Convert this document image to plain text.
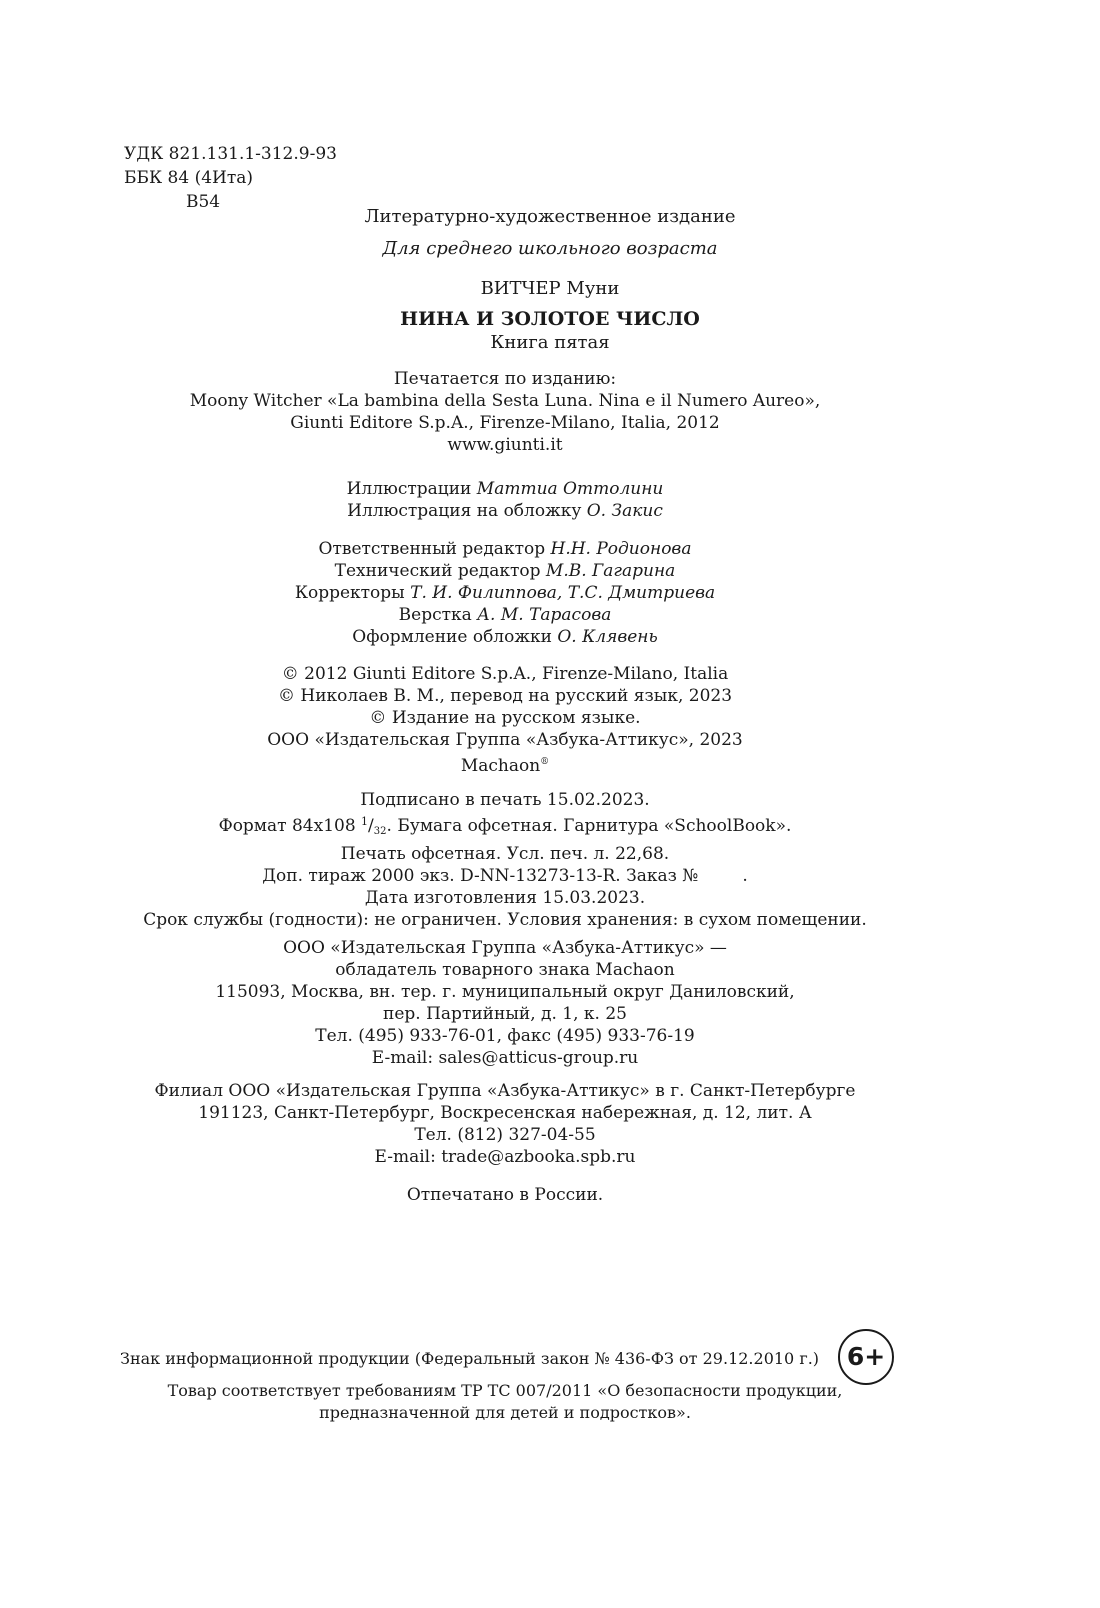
УДК 821.131.1-312.9-93
ББК 84 (4Ита)
В54
Литературно-художественное издание
Для среднего школьного возраста
ВИТЧЕР Муни
НИНА И ЗОЛОТОЕ ЧИСЛО
Книга пятая
Печатается по изданию:
Moony Witcher «La bambina della Sesta Luna. Nina e il Numero Aureo»,
Giunti Editore S.p.A., Firenze-Milano, Italia, 2012
www.giunti.it
Иллюстрации Маттиа Оттолини
Иллюстрация на обложку О. Закис
Ответственный редактор Н.Н. Родионова
Технический редактор М.В. Гагарина
Корректоры Т. И. Филиппова, Т.С. Дмитриева
Верстка А. М. Тарасова
Оформление обложки О. Клявень
© 2012 Giunti Editore S.p.A., Firenze-Milano, Italia
© Николаев В. М., перевод на русский язык, 2023
© Издание на русском языке.
ООО «Издательская Группа «Азбука-Аттикус», 2023
Machaon®
Подписано в печать 15.02.2023.
Формат 84х108 $^1$/32. Бумага офсетная. Гарнитура «SchoolBook».
Печать офсетная. Усл. печ. л. 22,68.
Доп. тираж 2000 экз. D-NN-13273-13-R. Заказ №	.
Дата изготовления 15.03.2023.
Срок службы (годности): не ограничен. Условия хранения: в сухом помещении.
ООО «Издательская Группа «Азбука-Аттикус» —
обладатель товарного знака Machaon
115093, Москва, вн. тер. г. муниципальный округ Даниловский,
пер. Партийный, д. 1, к. 25
Тел. (495) 933-76-01, факс (495) 933-76-19
E-mail: sales@atticus-group.ru
Филиал ООО «Издательская Группа «Азбука-Аттикус» в г. Санкт-Петербурге
191123, Санкт-Петербург, Воскресенская набережная, д. 12, лит. А
Тел. (812) 327-04-55
E-mail: trade@azbooka.spb.ru
Отпечатано в России.
Знак информационной продукции (Федеральный закон № 436-ФЗ от 29.12.2010 г.)	6+
Товар соответствует требованиям ТР ТС 007/2011 «О безопасности продукции,
предназначенной для детей и подростков».
